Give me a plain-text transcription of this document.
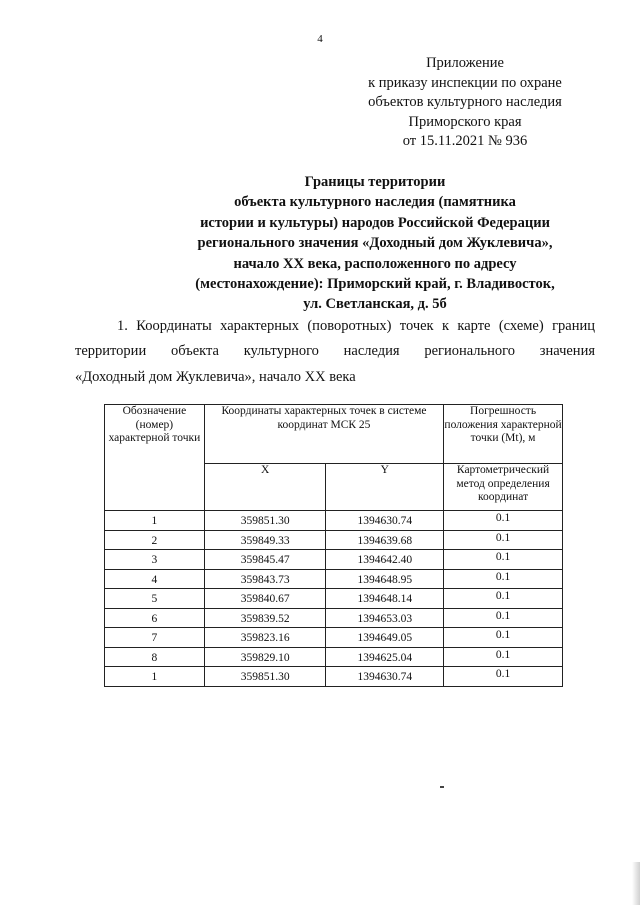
4
Приложение
к приказу инспекции по охране
объектов культурного наследия
Приморского края
от 15.11.2021 № 936
Границы территории
объекта культурного наследия (памятника
истории и культуры) народов Российской Федерации
регионального значения «Доходный дом Жуклевича»,
начало XX века, расположенного по адресу
(местонахождение): Приморский край, г. Владивосток,
ул. Светланская, д. 5б
1. Координаты характерных (поворотных) точек к карте (схеме) границ
территории объекта культурного наследия регионального значения
«Доходный дом Жуклевича», начало XX века
Обозначение (номер) характерной точки	Координаты характерных точек в системе координат МСК 25		Погрешность положения характерной точки (Mt), м
	X	Y	Картометрический метод определения координат
1	359851.30	1394630.74	0.1
2	359849.33	1394639.68	0.1
3	359845.47	1394642.40	0.1
4	359843.73	1394648.95	0.1
5	359840.67	1394648.14	0.1
6	359839.52	1394653.03	0.1
7	359823.16	1394649.05	0.1
8	359829.10	1394625.04	0.1
1	359851.30	1394630.74	0.1
